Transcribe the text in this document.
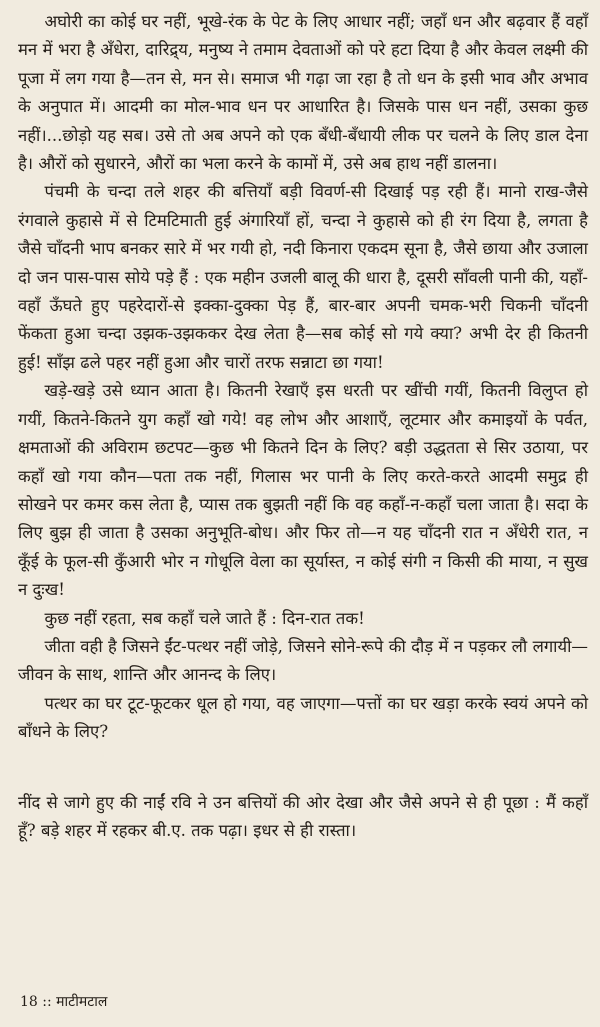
अघोरी का कोई घर नहीं, भूखे-रंक के पेट के लिए आधार नहीं; जहाँ धन और बढ़वार हैं वहाँ मन में भरा है अँधेरा, दारिद्र्य, मनुष्य ने तमाम देवताओं को परे हटा दिया है और केवल लक्ष्मी की पूजा में लग गया है—तन से, मन से। समाज भी गढ़ा जा रहा है तो धन के इसी भाव और अभाव के अनुपात में। आदमी का मोल-भाव धन पर आधारित है। जिसके पास धन नहीं, उसका कुछ नहीं।...छोड़ो यह सब। उसे तो अब अपने को एक बँधी-बँधायी लीक पर चलने के लिए डाल देना है। औरों को सुधारने, औरों का भला करने के कामों में, उसे अब हाथ नहीं डालना।

पंचमी के चन्दा तले शहर की बत्तियाँ बड़ी विवर्ण-सी दिखाई पड़ रही हैं। मानो राख-जैसे रंगवाले कुहासे में से टिमटिमाती हुई अंगारियाँ हों, चन्दा ने कुहासे को ही रंग दिया है, लगता है जैसे चाँदनी भाप बनकर सारे में भर गयी हो, नदी किनारा एकदम सूना है, जैसे छाया और उजाला दो जन पास-पास सोये पड़े हैं : एक महीन उजली बालू की धारा है, दूसरी साँवली पानी की, यहाँ-वहाँ ऊँघते हुए पहरेदारों-से इक्का-दुक्का पेड़ हैं, बार-बार अपनी चमक-भरी चिकनी चाँदनी फेंकता हुआ चन्दा उझक-उझककर देख लेता है—सब कोई सो गये क्या? अभी देर ही कितनी हुई! साँझ ढले पहर नहीं हुआ और चारों तरफ सन्नाटा छा गया!

खड़े-खड़े उसे ध्यान आता है। कितनी रेखाएँ इस धरती पर खींची गयीं, कितनी विलुप्त हो गयीं, कितने-कितने युग कहाँ खो गये! वह लोभ और आशाएँ, लूटमार और कमाइयों के पर्वत, क्षमताओं की अविराम छटपट—कुछ भी कितने दिन के लिए? बड़ी उद्धतता से सिर उठाया, पर कहाँ खो गया कौन—पता तक नहीं, गिलास भर पानी के लिए करते-करते आदमी समुद्र ही सोखने पर कमर कस लेता है, प्यास तक बुझती नहीं कि वह कहाँ-न-कहाँ चला जाता है। सदा के लिए बुझ ही जाता है उसका अनुभूति-बोध। और फिर तो—न यह चाँदनी रात न अँधेरी रात, न कूँई के फूल-सी कुँआरी भोर न गोधूलि वेला का सूर्यास्त, न कोई संगी न किसी की माया, न सुख न दुःख!

कुछ नहीं रहता, सब कहाँ चले जाते हैं : दिन-रात तक!

जीता वही है जिसने ईंट-पत्थर नहीं जोड़े, जिसने सोने-रूपे की दौड़ में न पड़कर लौ लगायी—जीवन के साथ, शान्ति और आनन्द के लिए।

पत्थर का घर टूट-फूटकर धूल हो गया, वह जाएगा—पत्तों का घर खड़ा करके स्वयं अपने को बाँधने के लिए?

नींद से जागे हुए की नाईं रवि ने उन बत्तियों की ओर देखा और जैसे अपने से ही पूछा : मैं कहाँ हूँ? बड़े शहर में रहकर बी.ए. तक पढ़ा। इधर से ही रास्ता।

18 :: माटीमटाल
